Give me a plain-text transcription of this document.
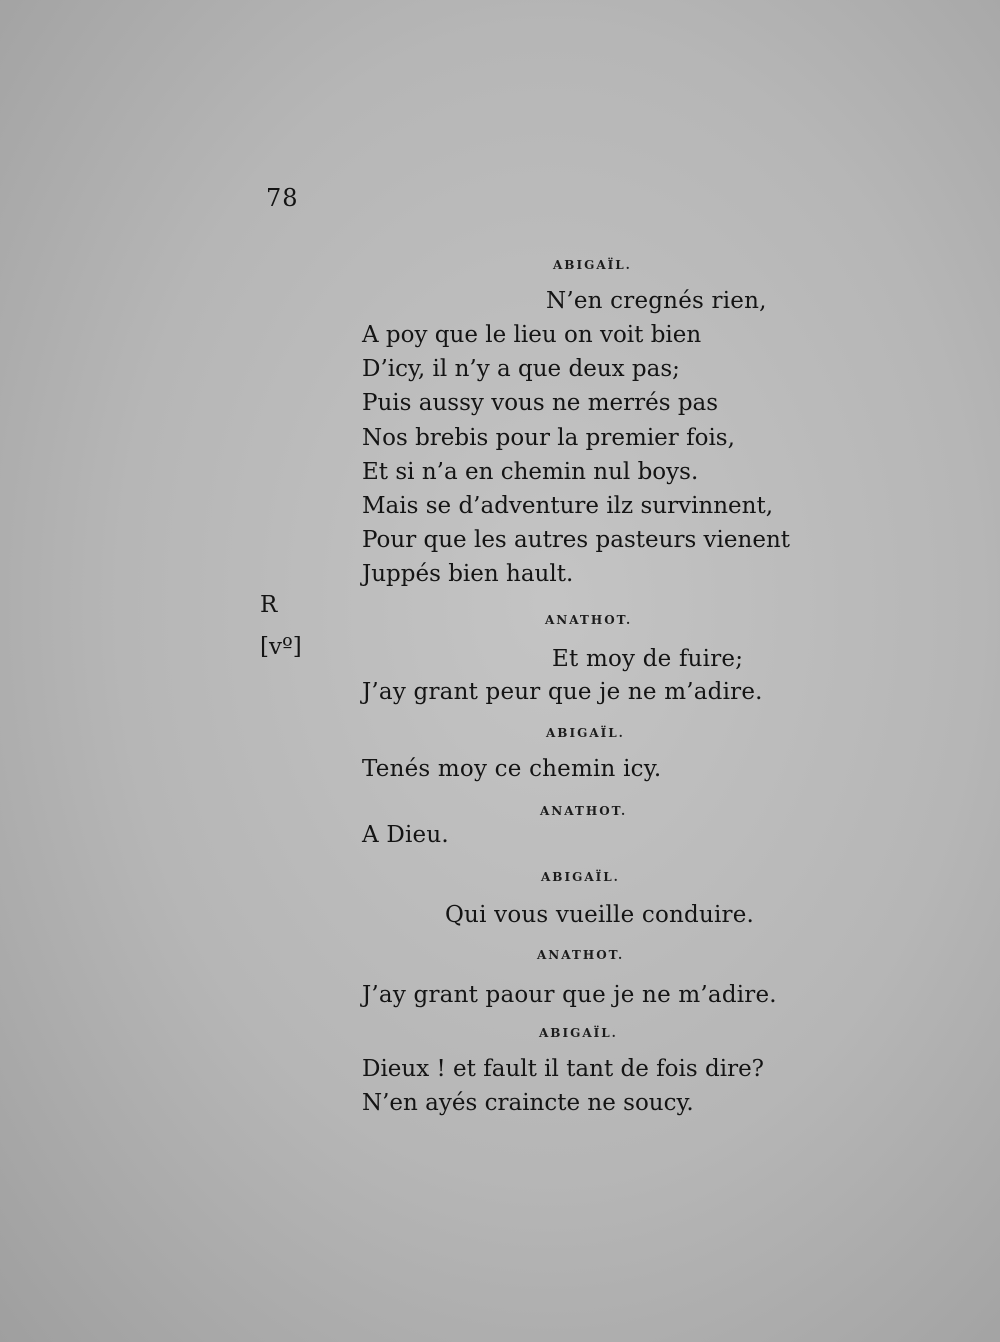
78
R
[vº]
ABIGAÏL.
N’en cregnés rien,
A poy que le lieu on voit bien
D’icy, il n’y a que deux pas;
Puis aussy vous ne merrés pas
Nos brebis pour la premier fois,
Et si n’a en chemin nul boys.
Mais se d’adventure ilz survinnent,
Pour que les autres pasteurs vienent
Juppés bien hault.
ANATHOT.
Et moy de fuire;
J’ay grant peur que je ne m’adire.
ABIGAÏL.
Tenés moy ce chemin icy.
ANATHOT.
A Dieu.
ABIGAÏL.
Qui vous vueille conduire.
ANATHOT.
J’ay grant paour que je ne m’adire.
ABIGAÏL.
Dieux ! et fault il tant de fois dire?
N’en ayés craincte ne soucy.
